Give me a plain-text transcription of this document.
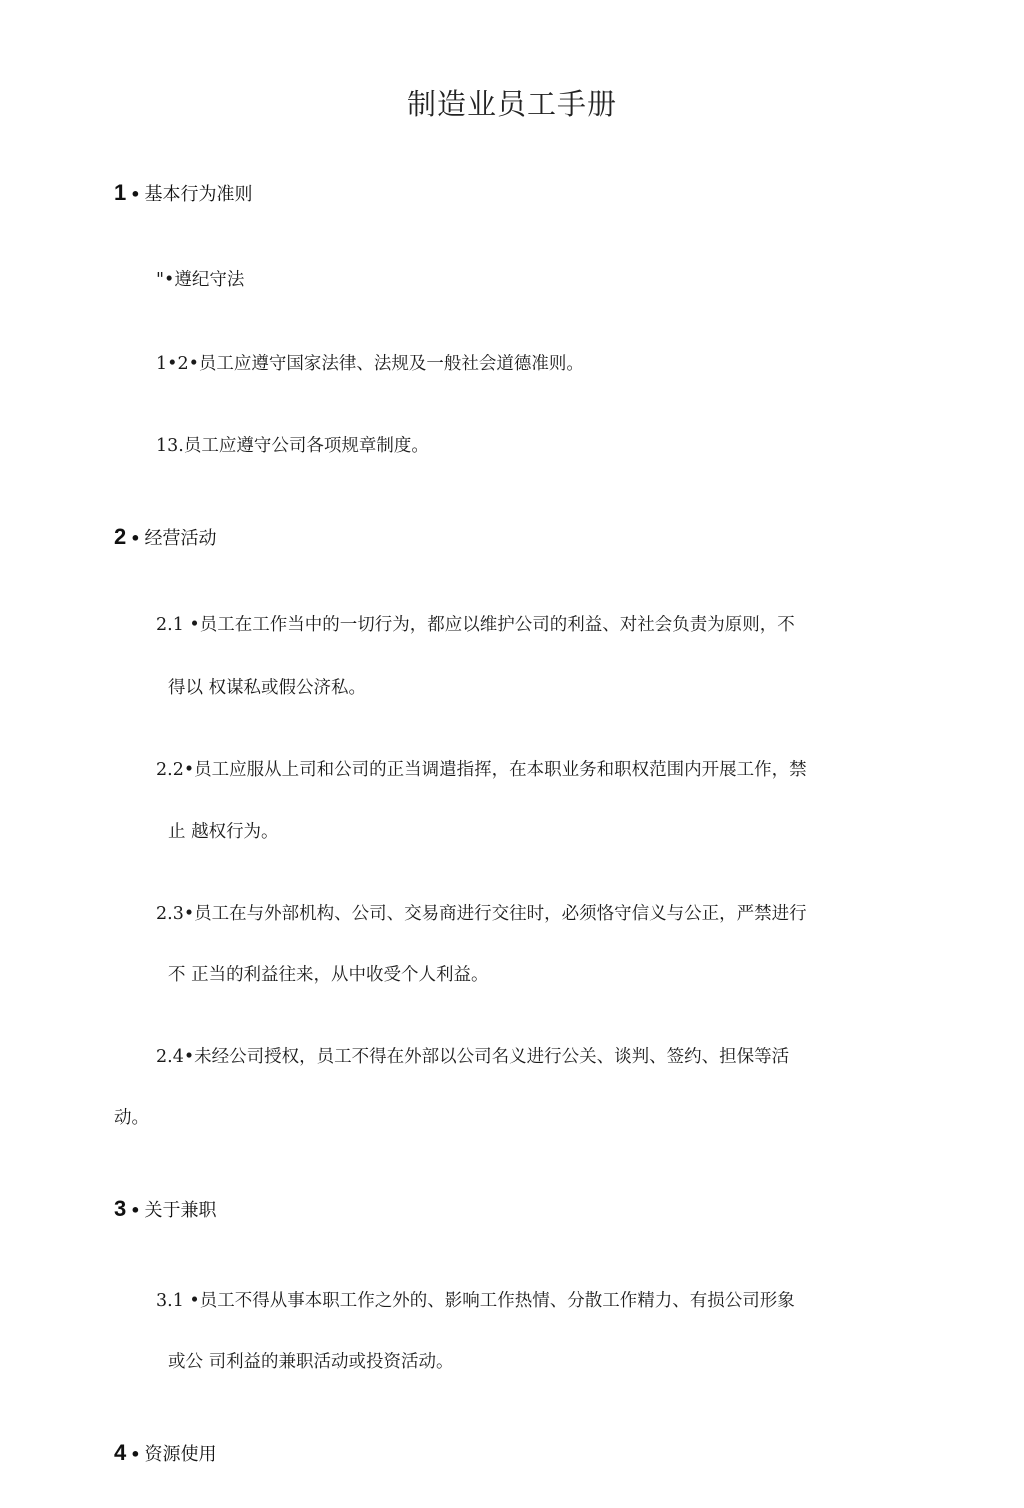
制造业员工手册
1 • 基本行为准则
"•遵纪守法
1•2•员工应遵守国家法律、法规及一般社会道德准则。
13.员工应遵守公司各项规章制度。
2 • 经营活动
2.1 •员工在工作当中的一切行为，都应以维护公司的利益、对社会负责为原则，不
得以 权谋私或假公济私。
2.2•员工应服从上司和公司的正当调遣指挥，在本职业务和职权范围内开展工作，禁
止 越权行为。
2.3•员工在与外部机构、公司、交易商进行交往时，必须恪守信义与公正，严禁进行
不 正当的利益往来，从中收受个人利益。
2.4•未经公司授权，员工不得在外部以公司名义进行公关、谈判、签约、担保等活
动。
3 • 关于兼职
3.1 •员工不得从事本职工作之外的、影响工作热情、分散工作精力、有损公司形象
或公 司利益的兼职活动或投资活动。
4 • 资源使用
